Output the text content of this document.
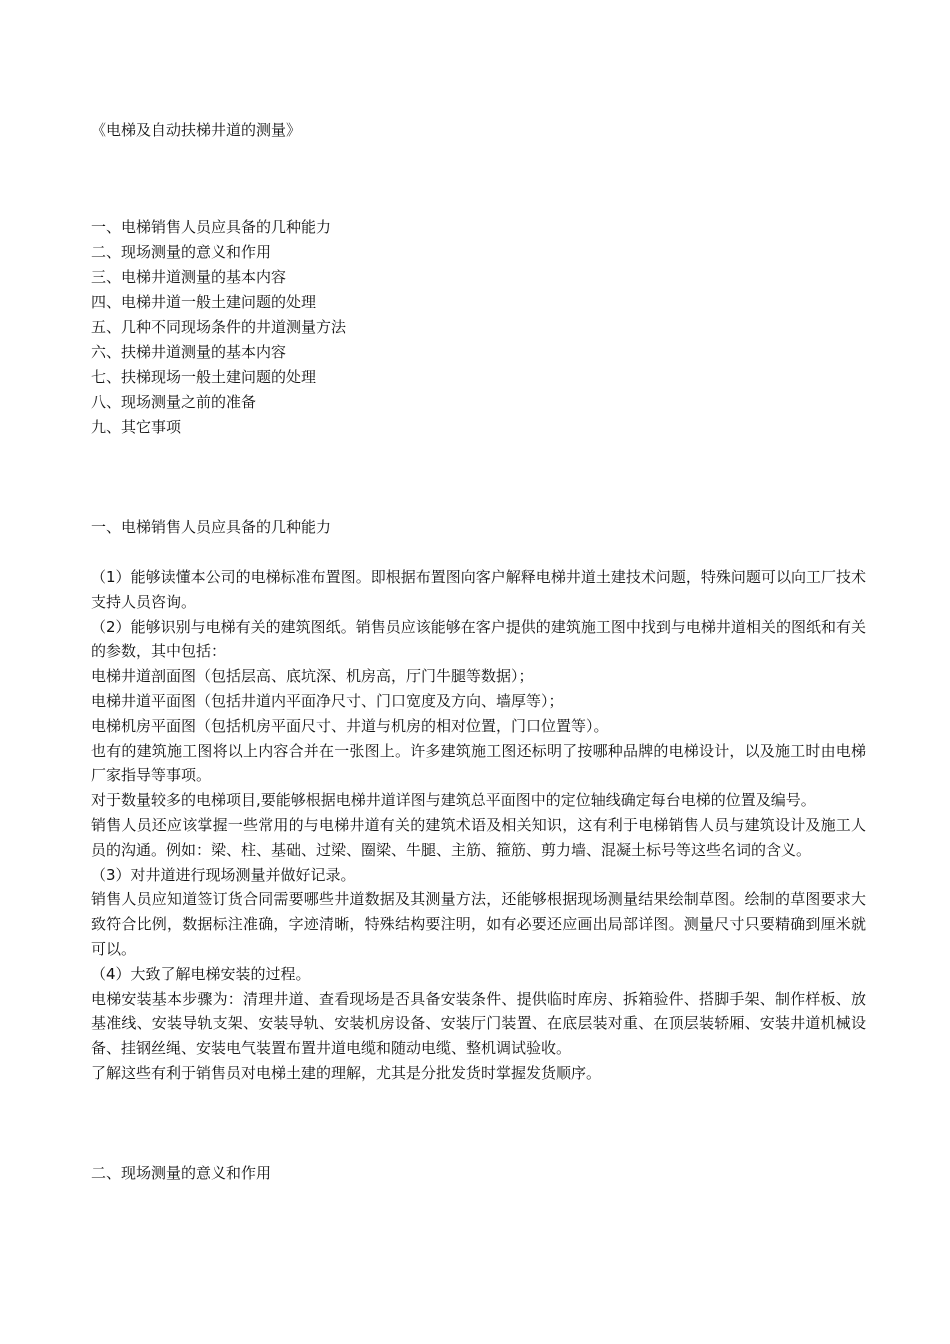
《电梯及自动扶梯井道的测量》
一、电梯销售人员应具备的几种能力
二、现场测量的意义和作用
三、电梯井道测量的基本内容
四、电梯井道一般土建问题的处理
五、几种不同现场条件的井道测量方法
六、扶梯井道测量的基本内容
七、扶梯现场一般土建问题的处理
八、现场测量之前的准备
九、其它事项
一、电梯销售人员应具备的几种能力

（1）能够读懂本公司的电梯标准布置图。即根据布置图向客户解释电梯井道土建技术问题，特殊问题可以向工厂技术支持人员咨询。

（2）能够识别与电梯有关的建筑图纸。销售员应该能够在客户提供的建筑施工图中找到与电梯井道相关的图纸和有关的参数，其中包括：

电梯井道剖面图（包括层高、底坑深、机房高，厅门牛腿等数据）；

电梯井道平面图（包括井道内平面净尺寸、门口宽度及方向、墙厚等）；

电梯机房平面图（包括机房平面尺寸、井道与机房的相对位置，门口位置等）。

也有的建筑施工图将以上内容合并在一张图上。许多建筑施工图还标明了按哪种品牌的电梯设计，以及施工时由电梯厂家指导等事项。

对于数量较多的电梯项目,要能够根据电梯井道详图与建筑总平面图中的定位轴线确定每台电梯的位置及编号。

销售人员还应该掌握一些常用的与电梯井道有关的建筑术语及相关知识，这有利于电梯销售人员与建筑设计及施工人员的沟通。例如：梁、柱、基础、过梁、圈梁、牛腿、主筋、箍筋、剪力墙、混凝土标号等这些名词的含义。

（3）对井道进行现场测量并做好记录。

销售人员应知道签订货合同需要哪些井道数据及其测量方法，还能够根据现场测量结果绘制草图。绘制的草图要求大致符合比例，数据标注准确，字迹清晰，特殊结构要注明，如有必要还应画出局部详图。测量尺寸只要精确到厘米就可以。

（4）大致了解电梯安装的过程。

电梯安装基本步骤为：清理井道、查看现场是否具备安装条件、提供临时库房、拆箱验件、搭脚手架、制作样板、放基准线、安装导轨支架、安装导轨、安装机房设备、安装厅门装置、在底层装对重、在顶层装轿厢、安装井道机械设备、挂钢丝绳、安装电气装置布置井道电缆和随动电缆、整机调试验收。

了解这些有利于销售员对电梯土建的理解，尤其是分批发货时掌握发货顺序。

二、现场测量的意义和作用
